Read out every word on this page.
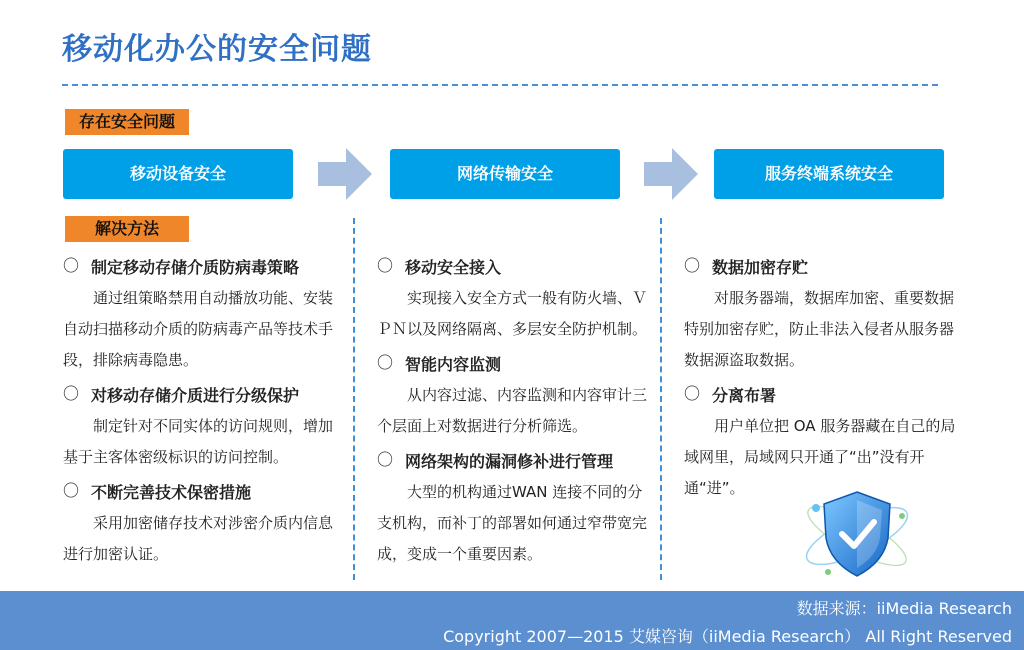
移动化办公的安全问题
存在安全问题
移动设备安全	网络传输安全	服务终端系统安全
解决方法
〇 制定移动存储介质防病毒策略

通过组策略禁用自动播放功能、安装自动扫描移动介质的防病毒产品等技术手段，排除病毒隐患。

〇 对移动存储介质进行分级保护

制定针对不同实体的访问规则，增加基于主客体密级标识的访问控制。

〇 不断完善技术保密措施

采用加密储存技术对涉密介质内信息进行加密认证。

〇 移动安全接入

实现接入安全方式一般有防火墙、ＶＰＮ以及网络隔离、多层安全防护机制。

〇 智能内容监测

从内容过滤、内容监测和内容审计三个层面上对数据进行分析筛选。

〇 网络架构的漏洞修补进行管理

大型的机构通过WAN 连接不同的分支机构，而补丁的部署如何通过窄带宽完成，变成一个重要因素。

〇 数据加密存贮

对服务器端，数据库加密、重要数据特别加密存贮，防止非法入侵者从服务器数据源盗取数据。

〇 分离布署

用户单位把 OA 服务器藏在自己的局域网里，局域网只开通了“出”没有开通“进”。

数据来源：iiMedia Research
Copyright 2007—2015 艾媒咨询（iiMedia Research） All Right Reserved
